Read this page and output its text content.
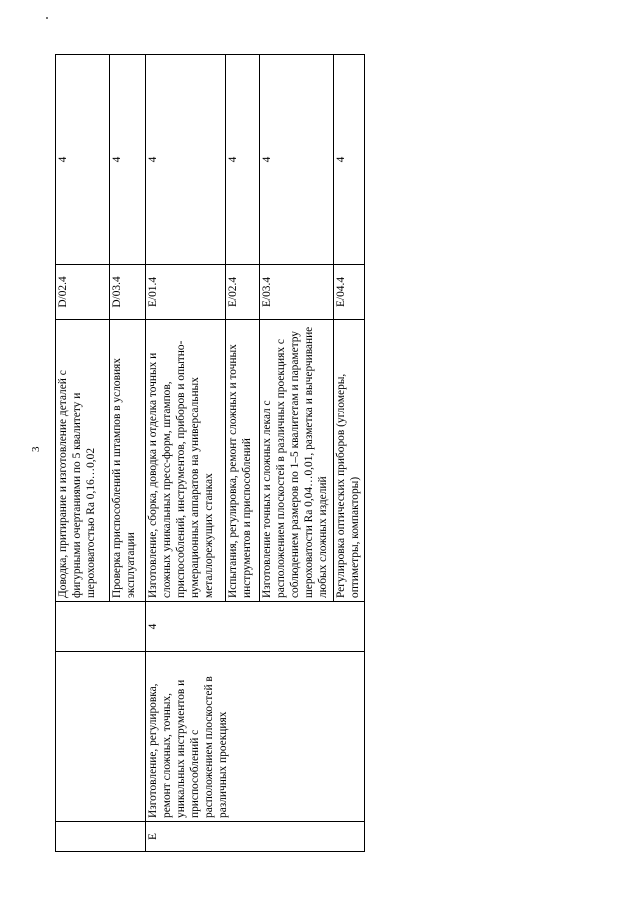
3
			Доводка, притирание и изготовление деталей с фигурными очертаниями по 5 квалитету и шероховатостью Ra 0,16…0,02	D/02.4	4
			Проверка приспособлений и штампов в условиях эксплуатации	D/03.4	4
E	Изготовление, регулировка, ремонт сложных, точных, уникальных инструментов и приспособлений с расположением плоскостей в различных проекциях	4	Изготовление, сборка, доводка и отделка точных и сложных уникальных пресс-форм, штампов, приспособлений, инструментов, приборов и опытно-нумерационных аппаратов на универсальных металлорежущих станках	E/01.4	4
			Испытания, регулировка, ремонт сложных и точных инструментов и приспособлений	E/02.4	4
			Изготовление точных и сложных лекал с расположением плоскостей в различных проекциях с соблюдением размеров по 1–5 квалитетам и параметру шероховатости Ra 0,04…0,01, разметка и вычерчивание любых сложных изделий	E/03.4	4
			Регулировка оптических приборов (угломеры, оптиметры, компакторы)	E/04.4	4
